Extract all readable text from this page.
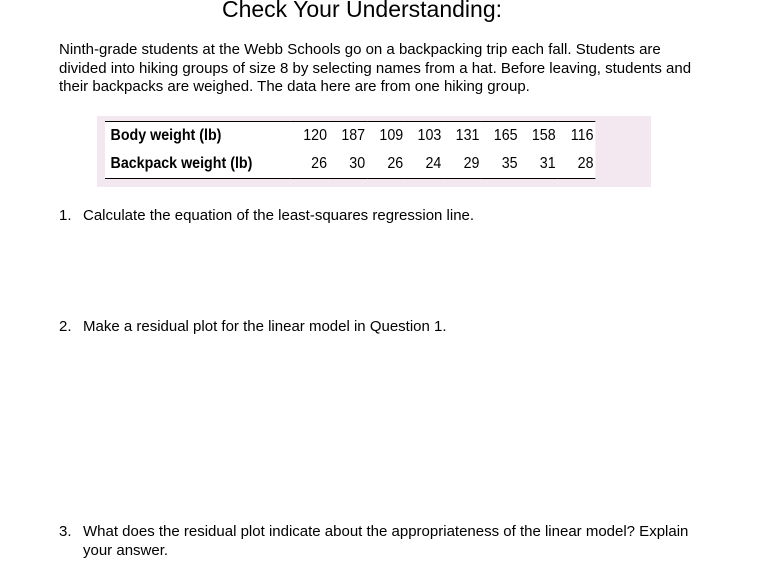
Check Your Understanding:

Ninth-grade students at the Webb Schools go on a backpacking trip each fall. Students are divided into hiking groups of size 8 by selecting names from a hat. Before leaving, students and their backpacks are weighed. The data here are from one hiking group.

Body weight (lb)	120	187	109	103	131	165	158	116
Backpack weight (lb)	26	30	26	24	29	35	31	28
1. Calculate the equation of the least-squares regression line.
2. Make a residual plot for the linear model in Question 1.
3. What does the residual plot indicate about the appropriateness of the linear model? Explain your answer.
